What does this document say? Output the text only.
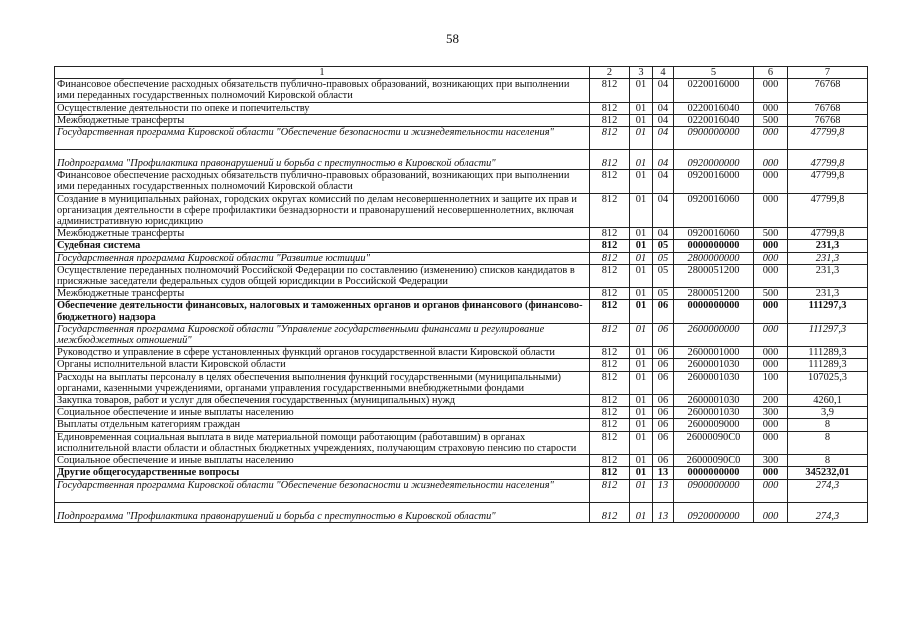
58
1	2	3	4	5	6	7
Финансовое обеспечение расходных обязательств публично-правовых образований, возникающих при выполнении ими переданных государственных полномочий Кировской области	812	01	04	0220016000	000	76768
Осуществление деятельности по опеке и попечительству	812	01	04	0220016040	000	76768
Межбюджетные трансферты	812	01	04	0220016040	500	76768
Государственная программа Кировской области "Обеспечение безопасности и жизнедеятельности населения"	812	01	04	0900000000	000	47799,8
Подпрограмма "Профилактика правонарушений и борьба с преступностью в Кировской области"	812	01	04	0920000000	000	47799,8
Финансовое обеспечение расходных обязательств публично-правовых образований, возникающих при выполнении ими переданных государственных полномочий Кировской области	812	01	04	0920016000	000	47799,8
Создание в муниципальных районах, городских округах комиссий по делам несовершеннолетних и защите их прав и организация деятельности в сфере профилактики безнадзорности и правонарушений несовершеннолетних, включая административную юрисдикцию	812	01	04	0920016060	000	47799,8
Межбюджетные трансферты	812	01	04	0920016060	500	47799,8
Судебная система	812	01	05	0000000000	000	231,3
Государственная программа Кировской области "Развитие юстиции"	812	01	05	2800000000	000	231,3
Осуществление переданных полномочий Российской Федерации по составлению (изменению) списков кандидатов в присяжные заседатели федеральных судов общей юрисдикции в Российской Федерации	812	01	05	2800051200	000	231,3
Межбюджетные трансферты	812	01	05	2800051200	500	231,3
Обеспечение деятельности финансовых, налоговых и таможенных органов и органов финансового (финансово-бюджетного) надзора	812	01	06	0000000000	000	111297,3
Государственная программа Кировской области "Управление государственными финансами и регулирование межбюджетных отношений"	812	01	06	2600000000	000	111297,3
Руководство и управление в сфере установленных функций органов государственной власти Кировской области	812	01	06	2600001000	000	111289,3
Органы исполнительной власти Кировской области	812	01	06	2600001030	000	111289,3
Расходы на выплаты персоналу в целях обеспечения выполнения функций государственными (муниципальными) органами, казенными учреждениями, органами управления государственными внебюджетными фондами	812	01	06	2600001030	100	107025,3
Закупка товаров, работ и услуг для обеспечения государственных (муниципальных) нужд	812	01	06	2600001030	200	4260,1
Социальное обеспечение и иные выплаты населению	812	01	06	2600001030	300	3,9
Выплаты отдельным категориям граждан	812	01	06	2600009000	000	8
Единовременная социальная выплата в виде материальной помощи работающим (работавшим) в органах исполнительной власти области и областных бюджетных учреждениях, получающим страховую пенсию по старости	812	01	06	26000090С0	000	8
Социальное обеспечение и иные выплаты населению	812	01	06	26000090С0	300	8
Другие общегосударственные вопросы	812	01	13	0000000000	000	345232,01
Государственная программа Кировской области "Обеспечение безопасности и жизнедеятельности населения"	812	01	13	0900000000	000	274,3
Подпрограмма "Профилактика правонарушений и борьба с преступностью в Кировской области"	812	01	13	0920000000	000	274,3
